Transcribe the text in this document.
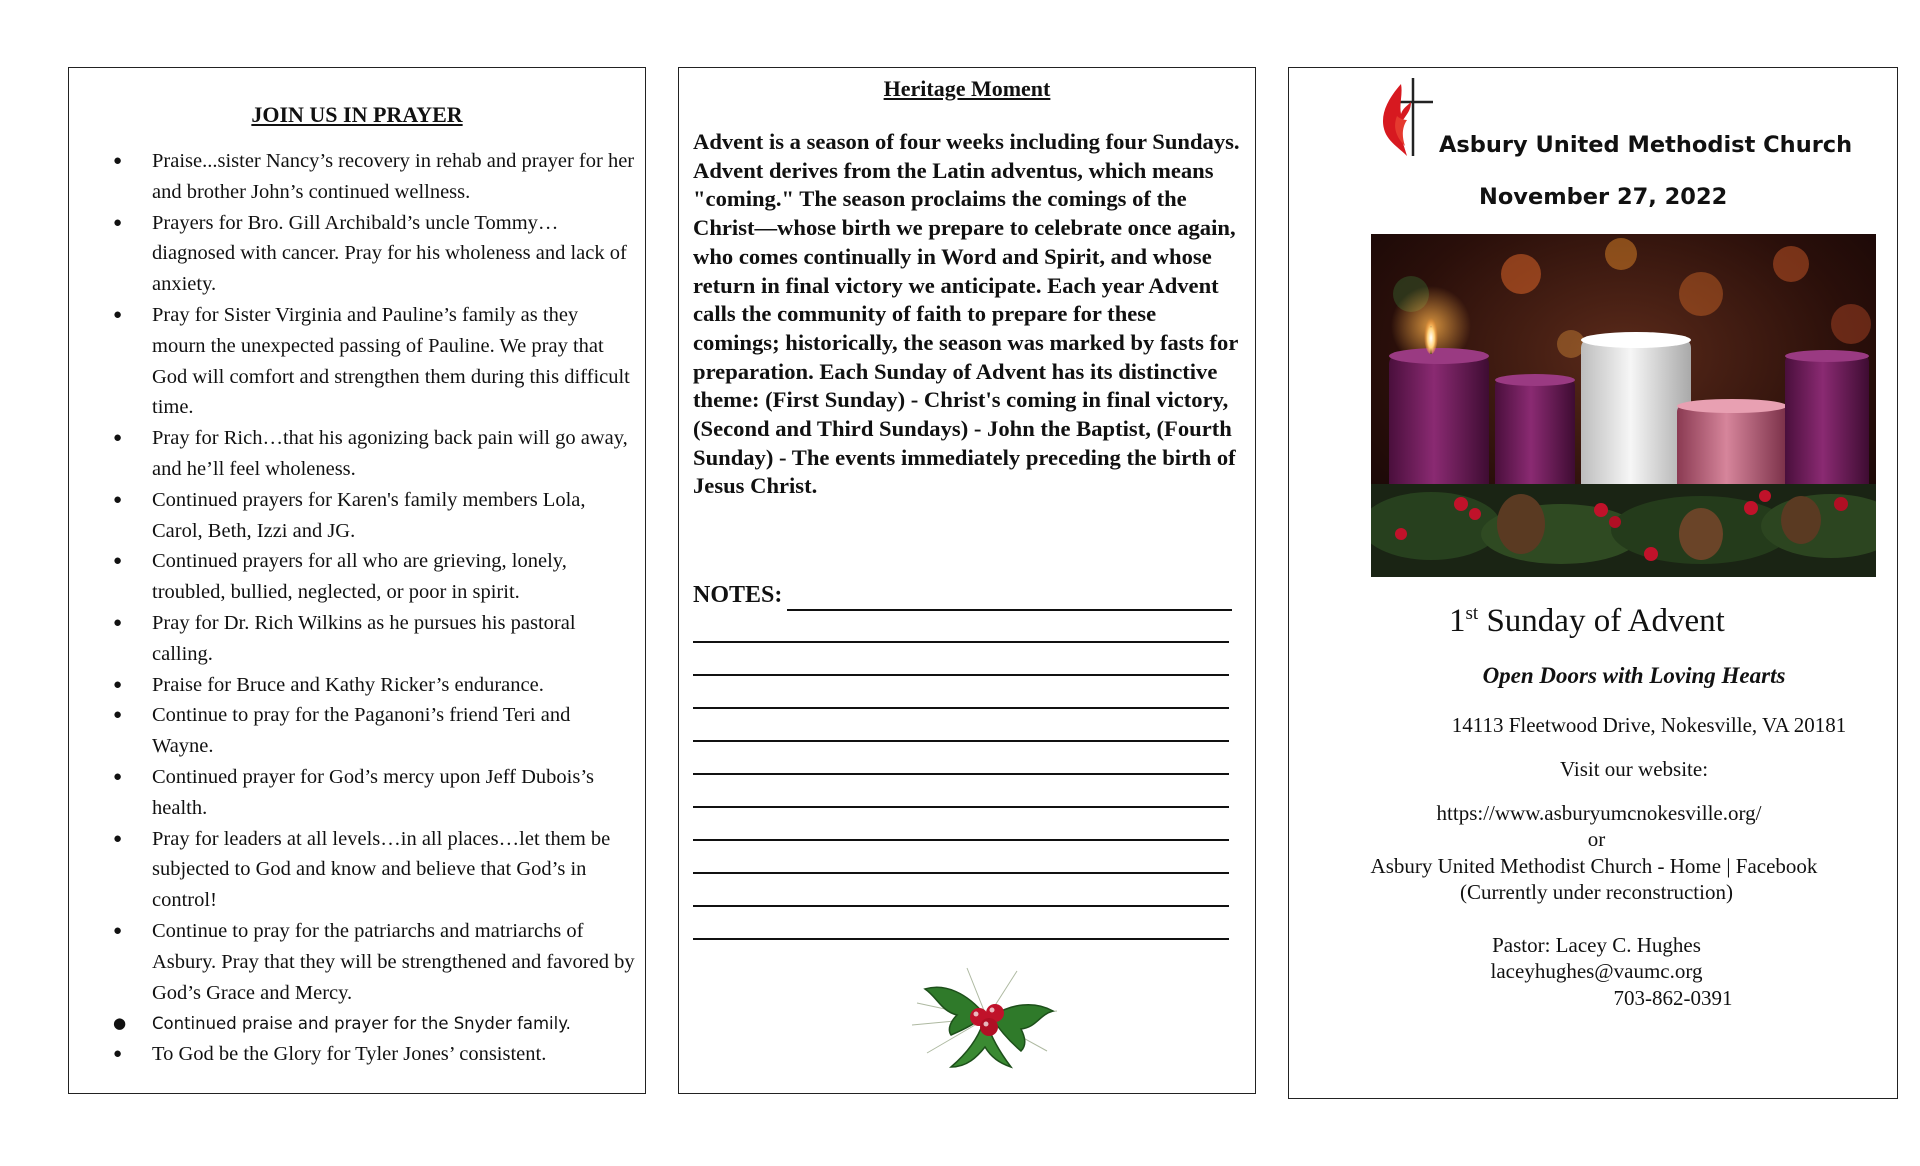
JOIN US IN PRAYER
● Praise...sister Nancy’s recovery in rehab and prayer for her and brother John’s continued wellness.
● Prayers for Bro. Gill Archibald’s uncle Tommy…diagnosed with cancer. Pray for his wholeness and lack of anxiety.
● Pray for Sister Virginia and Pauline’s family as they mourn the unexpected passing of Pauline. We pray that God will comfort and strengthen them during this difficult time.
● Pray for Rich…that his agonizing back pain will go away, and he’ll feel wholeness.
● Continued prayers for Karen's family members Lola, Carol, Beth, Izzi and JG.
● Continued prayers for all who are grieving, lonely, troubled, bullied, neglected, or poor in spirit.
● Pray for Dr. Rich Wilkins as he pursues his pastoral calling.
● Praise for Bruce and Kathy Ricker’s endurance.
● Continue to pray for the Paganoni’s friend Teri and Wayne.
● Continued prayer for God’s mercy upon Jeff Dubois’s health.
● Pray for leaders at all levels…in all places…let them be subjected to God and know and believe that God’s in control!
● Continue to pray for the patriarchs and matriarchs of Asbury. Pray that they will be strengthened and favored by God’s Grace and Mercy.
● Continued praise and prayer for the Snyder family.
● To God be the Glory for Tyler Jones’ consistent.
Heritage Moment

Advent is a season of four weeks including four Sundays. Advent derives from the Latin adventus, which means "coming." The season proclaims the comings of the Christ—whose birth we prepare to celebrate once again, who comes continually in Word and Spirit, and whose return in final victory we anticipate. Each year Advent calls the community of faith to prepare for these comings; historically, the season was marked by fasts for preparation. Each Sunday of Advent has its distinctive theme: (First Sunday) - Christ's coming in final victory, (Second and Third Sundays) - John the Baptist, (Fourth Sunday) - The events immediately preceding the birth of Jesus Christ.

NOTES:
Asbury United Methodist Church
November 27, 2022
1st Sunday of Advent
Open Doors with Loving Hearts
14113 Fleetwood Drive, Nokesville, VA 20181
Visit our website:
https://www.asburyumcnokesville.org/
or
Asbury United Methodist Church - Home | Facebook
(Currently under reconstruction)
Pastor: Lacey C. Hughes
laceyhughes@vaumc.org
703-862-0391
